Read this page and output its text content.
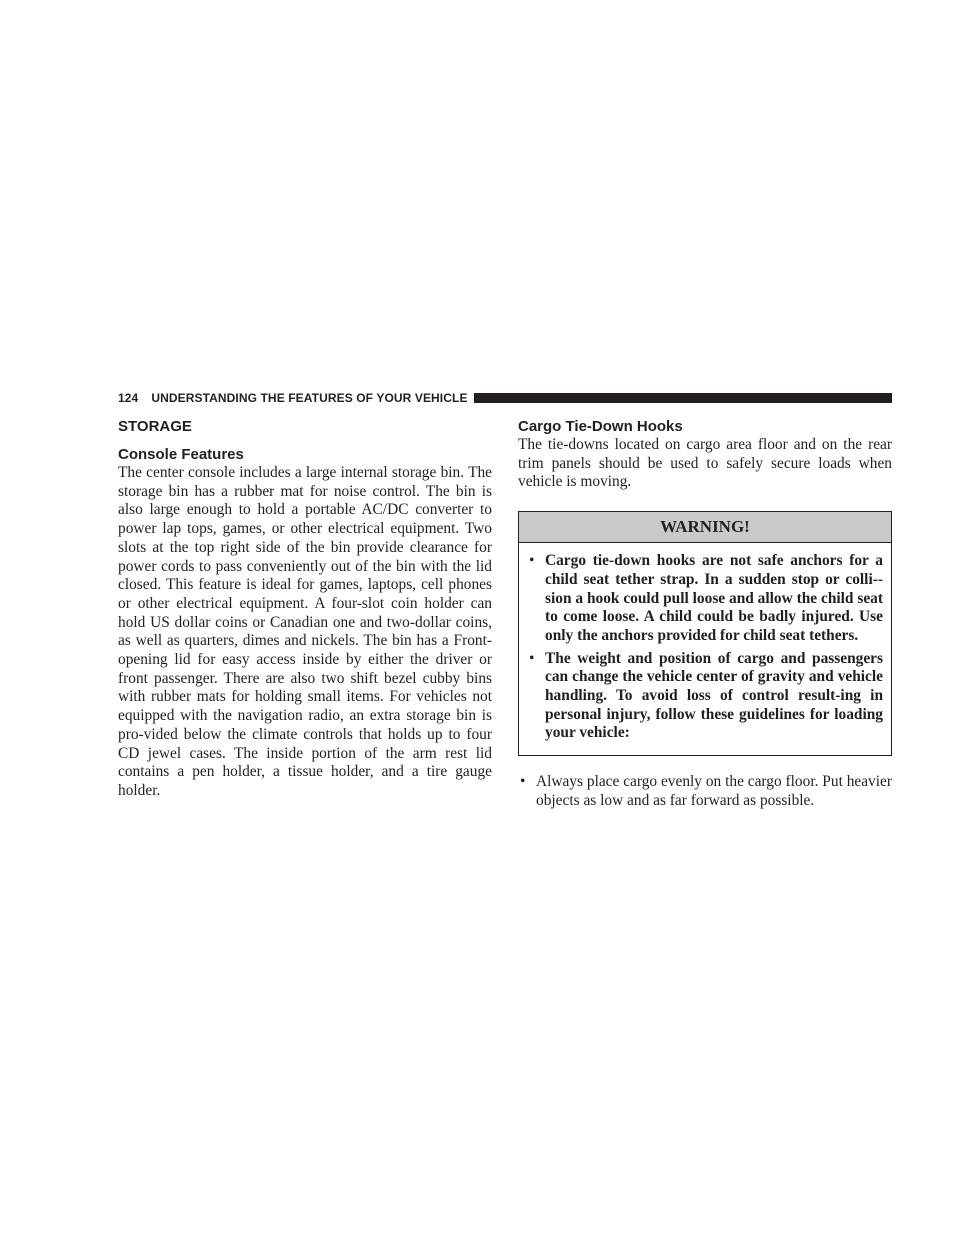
124 UNDERSTANDING THE FEATURES OF YOUR VEHICLE
STORAGE
Console Features

The center console includes a large internal storage bin. The storage bin has a rubber mat for noise control. The bin is also large enough to hold a portable AC/DC converter to power lap tops, games, or other electrical equipment. Two slots at the top right side of the bin provide clearance for power cords to pass conveniently out of the bin with the lid closed. This feature is ideal for games, laptops, cell phones or other electrical equipment. A four-slot coin holder can hold US dollar coins or Canadian one and two-dollar coins, as well as quarters, dimes and nickels. The bin has a Front-opening lid for easy access inside by either the driver or front passenger. There are also two shift bezel cubby bins with rubber mats for holding small items. For vehicles not equipped with the navigation radio, an extra storage bin is pro-vided below the climate controls that holds up to four CD jewel cases. The inside portion of the arm rest lid contains a pen holder, a tissue holder, and a tire gauge holder.

Cargo Tie-Down Hooks

The tie-downs located on cargo area floor and on the rear trim panels should be used to safely secure loads when vehicle is moving.

WARNING!
• Cargo tie-down hooks are not safe anchors for a child seat tether strap. In a sudden stop or colli-sion a hook could pull loose and allow the child seat to come loose. A child could be badly injured. Use only the anchors provided for child seat tethers.
• The weight and position of cargo and passengers can change the vehicle center of gravity and vehicle handling. To avoid loss of control result-ing in personal injury, follow these guidelines for loading your vehicle:
• Always place cargo evenly on the cargo floor. Put heavier objects as low and as far forward as possible.
